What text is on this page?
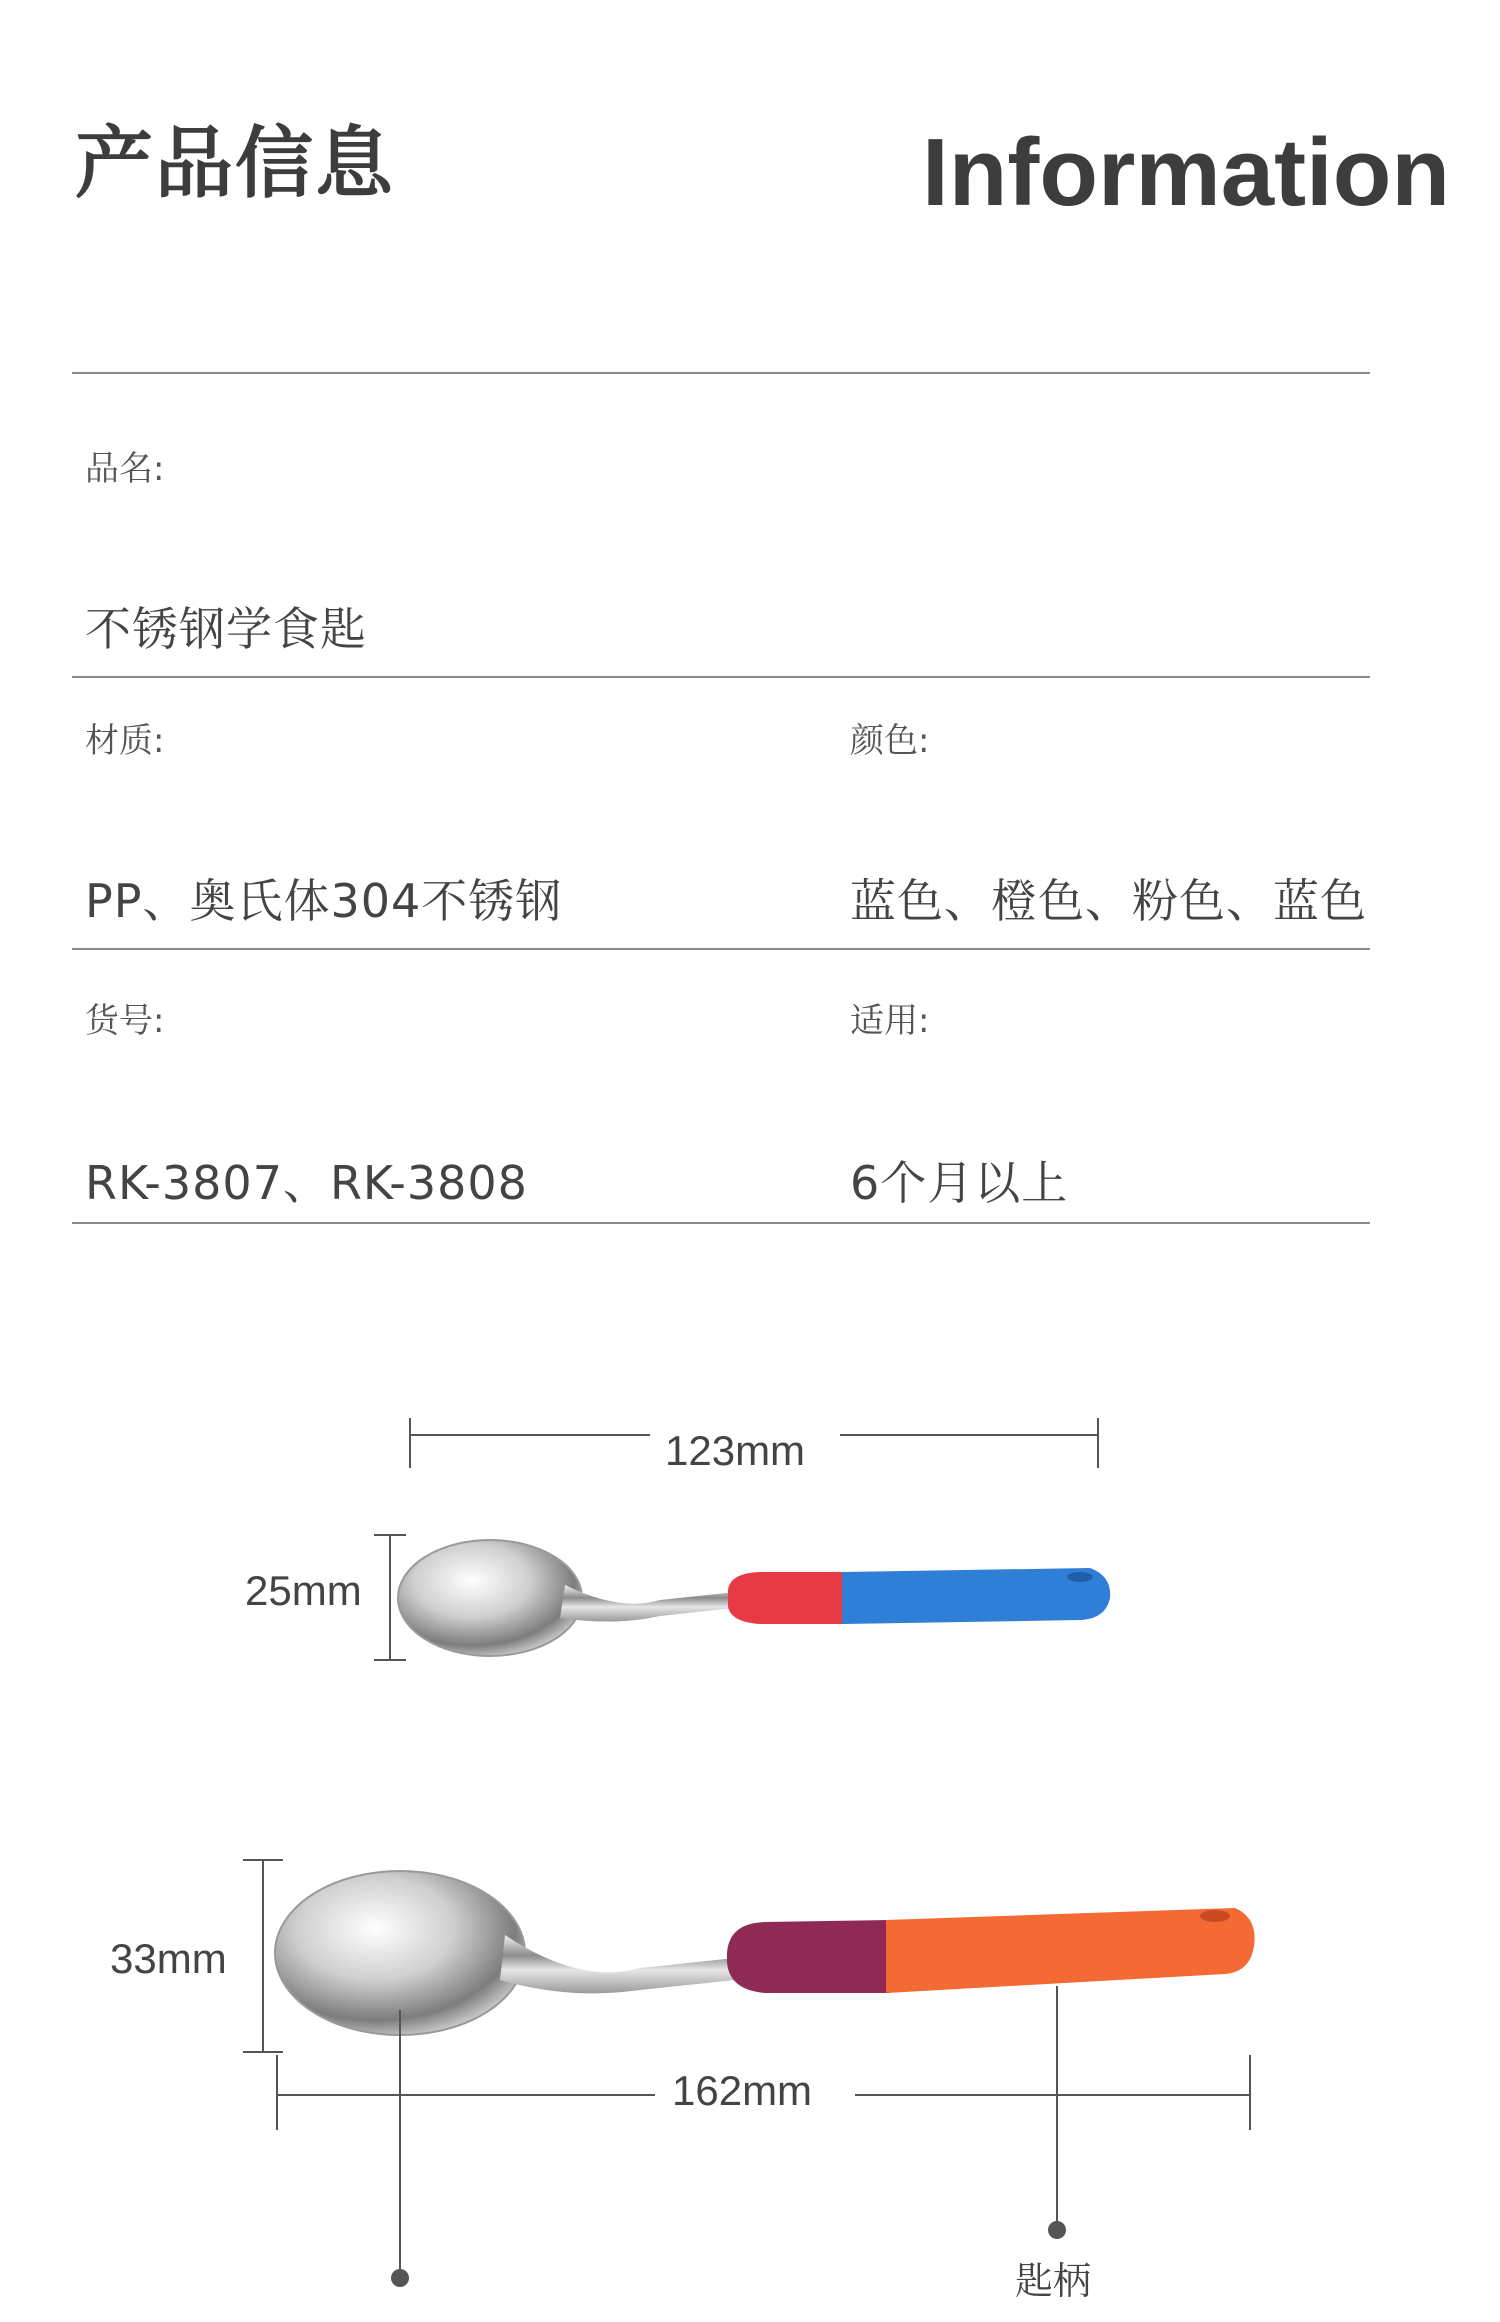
产品信息	Information
品名:
不锈钢学食匙
材质:
PP、奥氏体304不锈钢
颜色:
蓝色、橙色、粉色、蓝色
货号:
RK-3807、RK-3808
适用:
6个月以上
123mm
25mm
33mm
162mm
匙柄
